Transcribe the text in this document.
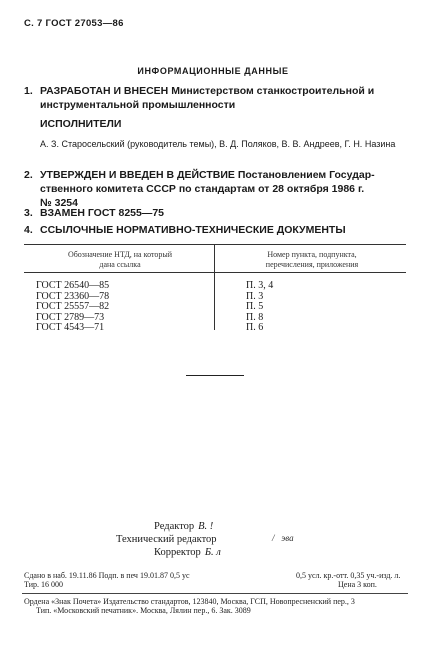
С. 7 ГОСТ 27053—86
ИНФОРМАЦИОННЫЕ ДАННЫЕ
1. РАЗРАБОТАН И ВНЕСЕН Министерством станкостроительной и
инструментальной промышленности
ИСПОЛНИТЕЛИ
А. З. Старосельский (руководитель темы), В. Д. Поляков, В. В. Андреев, Г. Н. Назина
2. УТВЕРЖДЕН И ВВЕДЕН В ДЕЙСТВИЕ Постановлением Государ-
ственного комитета СССР по стандартам от 28 октября 1986 г.
№ 3254
3. ВЗАМЕН ГОСТ 8255—75
4. ССЫЛОЧНЫЕ НОРМАТИВНО-ТЕХНИЧЕСКИЕ ДОКУМЕНТЫ
Обозначение НТД, на который
дана ссылка
Номер пункта, подпункта,
перечисления, приложения
ГОСТ 26540—85
ГОСТ 23360—78
ГОСТ 25557—82
ГОСТ 2789—73
ГОСТ 4543—71
П. 3, 4
П. 3
П. 5
П. 8
П. 6
Редактор В. !
Технический редактор	/   эва
Корректор Б. л
Сдано в наб. 19.11.86 Подп. в печ 19.01.87 0,5 ус
Тир. 16 000
0,5 усл. кр.-отт. 0,35 уч.-изд. л.
Цена 3 коп.
Ордена «Знак Почета» Издательство стандартов, 123840, Москва, ГСП, Новопресненский пер., 3
Тип. «Московский печатник». Москва, Лялин пер., 6. Зак. 3089
